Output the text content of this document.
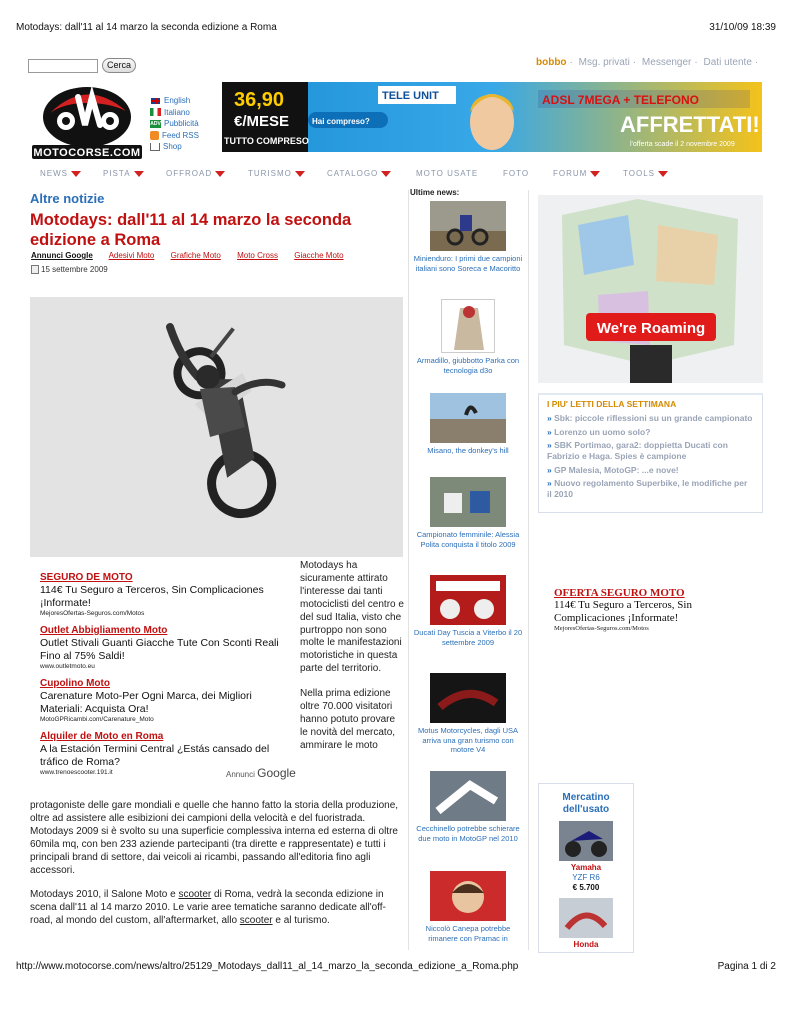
Motodays: dall'11 al 14 marzo la seconda edizione a Roma	31/10/09 18:39
Cerca	bobbo · Msg. privati · Messenger · Dati utente ·
MOTOCORSE.COM
English
Italiano
ADV Pubblicità
Feed RSS
Shop
36,90
€/MESE
TUTTO COMPRESO
Hai compreso?
TELE UNIT	ADSL 7MEGA + TELEFONO
AFFRETTATI!
l'offerta scade il 2 novembre 2009
NEWS	PISTA	OFFROAD	TURISMO	CATALOGO	MOTO USATE	FOTO	FORUM	TOOLS
Altre notizie
Motodays: dall'11 al 14 marzo la seconda edizione a Roma
Annunci Google Adesivi Moto Grafiche Moto Moto Cross Giacche Moto
15 settembre 2009
SEGURO DE MOTO
114€ Tu Seguro a Terceros, Sin Complicaciones ¡Informate!
MejoresOfertas-Seguros.com/Motos
Outlet Abbigliamento Moto
Outlet Stivali Guanti Giacche Tute Con Sconti Reali Fino al 75% Saldi!
www.outletmoto.eu
Cupolino Moto
Carenature Moto-Per Ogni Marca, dei Migliori Materiali: Acquista Ora!
MotoGPRicambi.com/Carenature_Moto
Alquiler de Moto en Roma
A la Estación Termini Central ¿Estás cansado del tráfico de Roma?
www.trenoescooter.191.it	Annunci Google

Motodays ha sicuramente attirato l'interesse dai tanti motociclisti del centro e del sud Italia, visto che purtroppo non sono molte le manifestazioni motoristiche in questa parte del territorio.

Nella prima edizione oltre 70.000 visitatori hanno potuto provare le novità del mercato, ammirare le moto

protagoniste delle gare mondiali e quelle che hanno fatto la storia della produzione, oltre ad assistere alle esibizioni dei campioni della velocità e del fuoristrada. Motodays 2009 si è svolto su una superficie complessiva interna ed esterna di oltre 60mila mq, con ben 233 aziende partecipanti (tra dirette e rappresentate) e tutti i principali brand di settore, dai veicoli ai ricambi, passando all'editoria fino agli accessori.

Motodays 2010, il Salone Moto e scooter di Roma, vedrà la seconda edizione in scena dall'11 al 14 marzo 2010. Le varie aree tematiche saranno dedicate all'off-road, al mondo del custom, all'aftermarket, allo scooter e al turismo.

Ultime news:
Minienduro: I primi due campioni italiani sono Soreca e Macoritto
Armadillo, giubbotto Parka con tecnologia d3o
Misano, the donkey's hill
Campionato femminile: Alessia Polita conquista il titolo 2009
Ducati Day Tuscia a Viterbo il 20 settembre 2009
Motus Motorcycles, dagli USA arriva una gran turismo con motore V4
Cecchinello potrebbe schierare due moto in MotoGP nel 2010
Niccolò Canepa potrebbe rimanere con Pramac in
We're Roaming
I PIU' LETTI DELLA SETTIMANA
» Sbk: piccole riflessioni su un grande campionato
» Lorenzo un uomo solo?
» SBK Portimao, gara2: doppietta Ducati con Fabrizio e Haga. Spies è campione
» GP Malesia, MotoGP: ...e nove!
» Nuovo regolamento Superbike, le modifiche per il 2010
OFERTA SEGURO MOTO
114€ Tu Seguro a Terceros, Sin Complicaciones ¡Informate!
MejoresOfertas-Seguros.com/Motos
Mercatino dell'usato
Yamaha
YZF R6
€ 5.700
Honda
http://www.motocorse.com/news/altro/25129_Motodays_dall11_al_14_marzo_la_seconda_edizione_a_Roma.php	Pagina 1 di 2
